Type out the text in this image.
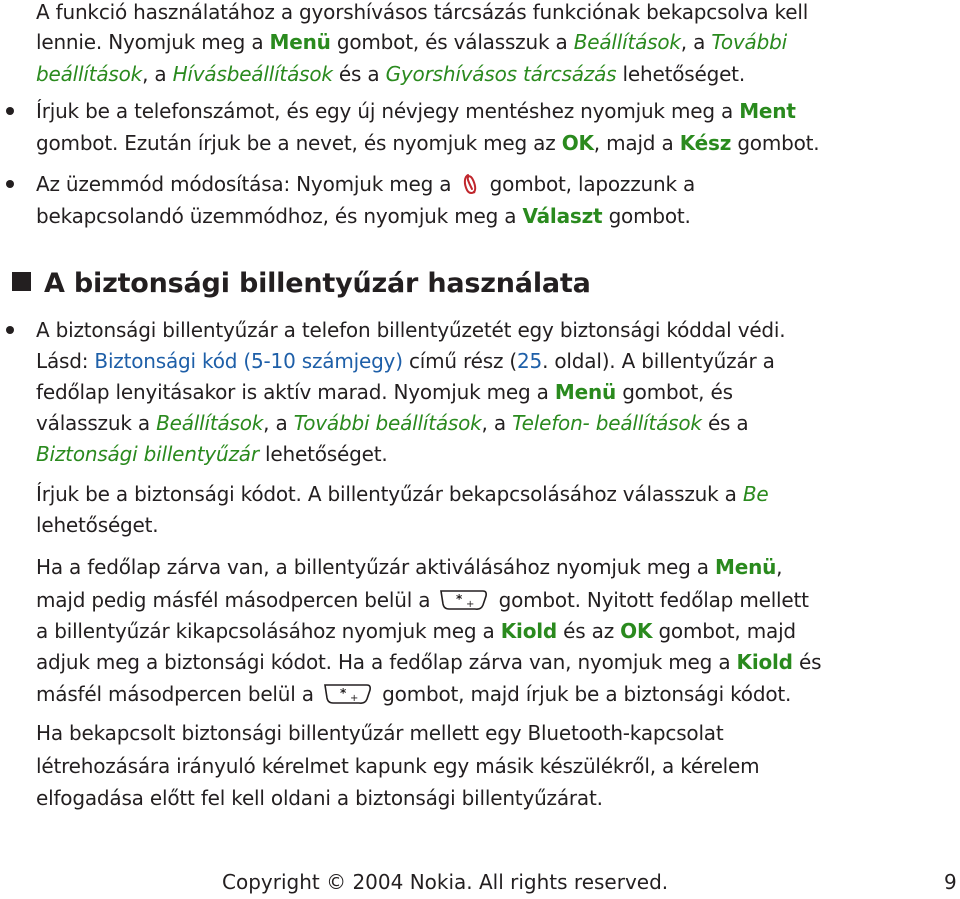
A funkció használatához a gyorshívásos tárcsázás funkciónak bekapcsolva kell
lennie. Nyomjuk meg a Menü gombot, és válasszuk a Beállítások, a További
beállítások, a Hívásbeállítások és a Gyorshívásos tárcsázás lehetőséget.
Írjuk be a telefonszámot, és egy új névjegy mentéshez nyomjuk meg a Ment
gombot. Ezután írjuk be a nevet, és nyomjuk meg az OK, majd a Kész gombot.
Az üzemmód módosítása: Nyomjuk meg a  gombot, lapozzunk a
bekapcsolandó üzemmódhoz, és nyomjuk meg a Választ gombot.
A biztonsági billentyűzár használata
A biztonsági billentyűzár a telefon billentyűzetét egy biztonsági kóddal védi.
Lásd: Biztonsági kód (5-10 számjegy) című rész (25. oldal). A billentyűzár a
fedőlap lenyitásakor is aktív marad. Nyomjuk meg a Menü gombot, és
válasszuk a Beállítások, a További beállítások, a Telefon- beállítások és a
Biztonsági billentyűzár lehetőséget.
Írjuk be a biztonsági kódot. A billentyűzár bekapcsolásához válasszuk a Be
lehetőséget.
Ha a fedőlap zárva van, a billentyűzár aktiválásához nyomjuk meg a Menü,
majd pedig másfél másodpercen belül a * + gombot. Nyitott fedőlap mellett
a billentyűzár kikapcsolásához nyomjuk meg a Kiold és az OK gombot, majd
adjuk meg a biztonsági kódot. Ha a fedőlap zárva van, nyomjuk meg a Kiold és
másfél másodpercen belül a * + gombot, majd írjuk be a biztonsági kódot.
Ha bekapcsolt biztonsági billentyűzár mellett egy Bluetooth-kapcsolat
létrehozására irányuló kérelmet kapunk egy másik készülékről, a kérelem
elfogadása előtt fel kell oldani a biztonsági billentyűzárat.
Copyright © 2004 Nokia. All rights reserved.	9
